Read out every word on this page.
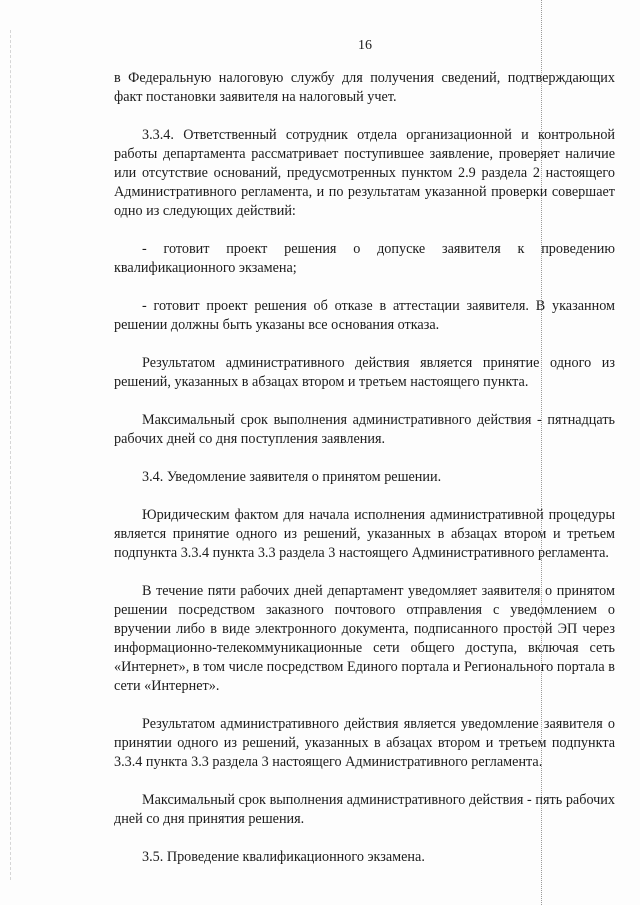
16

в Федеральную налоговую службу для получения сведений, подтверждающих факт постановки заявителя на налоговый учет.

3.3.4. Ответственный сотрудник отдела организационной и контрольной работы департамента рассматривает поступившее заявление, проверяет наличие или отсутствие оснований, предусмотренных пунктом 2.9 раздела 2 настоящего Административного регламента, и по результатам указанной проверки совершает одно из следующих действий:

- готовит проект решения о допуске заявителя к проведению квалификационного экзамена;

- готовит проект решения об отказе в аттестации заявителя. В указанном решении должны быть указаны все основания отказа.

Результатом административного действия является принятие одного из решений, указанных в абзацах втором и третьем настоящего пункта.

Максимальный срок выполнения административного действия - пятнадцать рабочих дней со дня поступления заявления.

3.4. Уведомление заявителя о принятом решении.

Юридическим фактом для начала исполнения административной процедуры является принятие одного из решений, указанных в абзацах втором и третьем подпункта 3.3.4 пункта 3.3 раздела 3 настоящего Административного регламента.

В течение пяти рабочих дней департамент уведомляет заявителя о принятом решении посредством заказного почтового отправления с уведомлением о вручении либо в виде электронного документа, подписанного простой ЭП через информационно-телекоммуникационные сети общего доступа, включая сеть «Интернет», в том числе посредством Единого портала и Регионального портала в сети «Интернет».

Результатом административного действия является уведомление заявителя о принятии одного из решений, указанных в абзацах втором и третьем подпункта 3.3.4 пункта 3.3 раздела 3 настоящего Административного регламента.

Максимальный срок выполнения административного действия - пять рабочих дней со дня принятия решения.

3.5. Проведение квалификационного экзамена.
